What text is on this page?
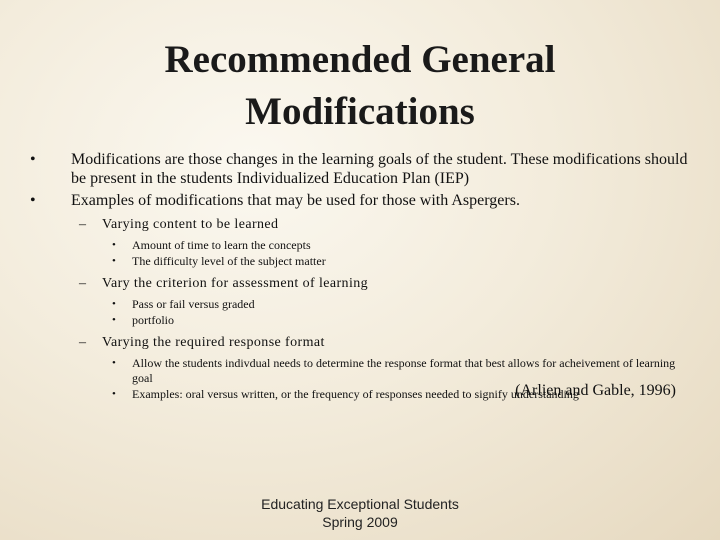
Recommended General Modifications
• Modifications are those changes in the learning goals of the student. These modifications should be present in the students Individualized Education Plan (IEP)
• Examples of modifications that may be used for those with Aspergers.
– Varying content to be learned
• Amount of time to learn the concepts
• The difficulty level of the subject matter
– Vary the criterion for assessment of learning
• Pass or fail versus graded
• portfolio
– Varying the required response format
• Allow the students indivdual needs to determine the response format that best allows for acheivement of learning goal
• Examples: oral versus written, or the frequency of responses needed to signify understanding
(Arlien and Gable, 1996)
Educating Exceptional Students
Spring 2009
